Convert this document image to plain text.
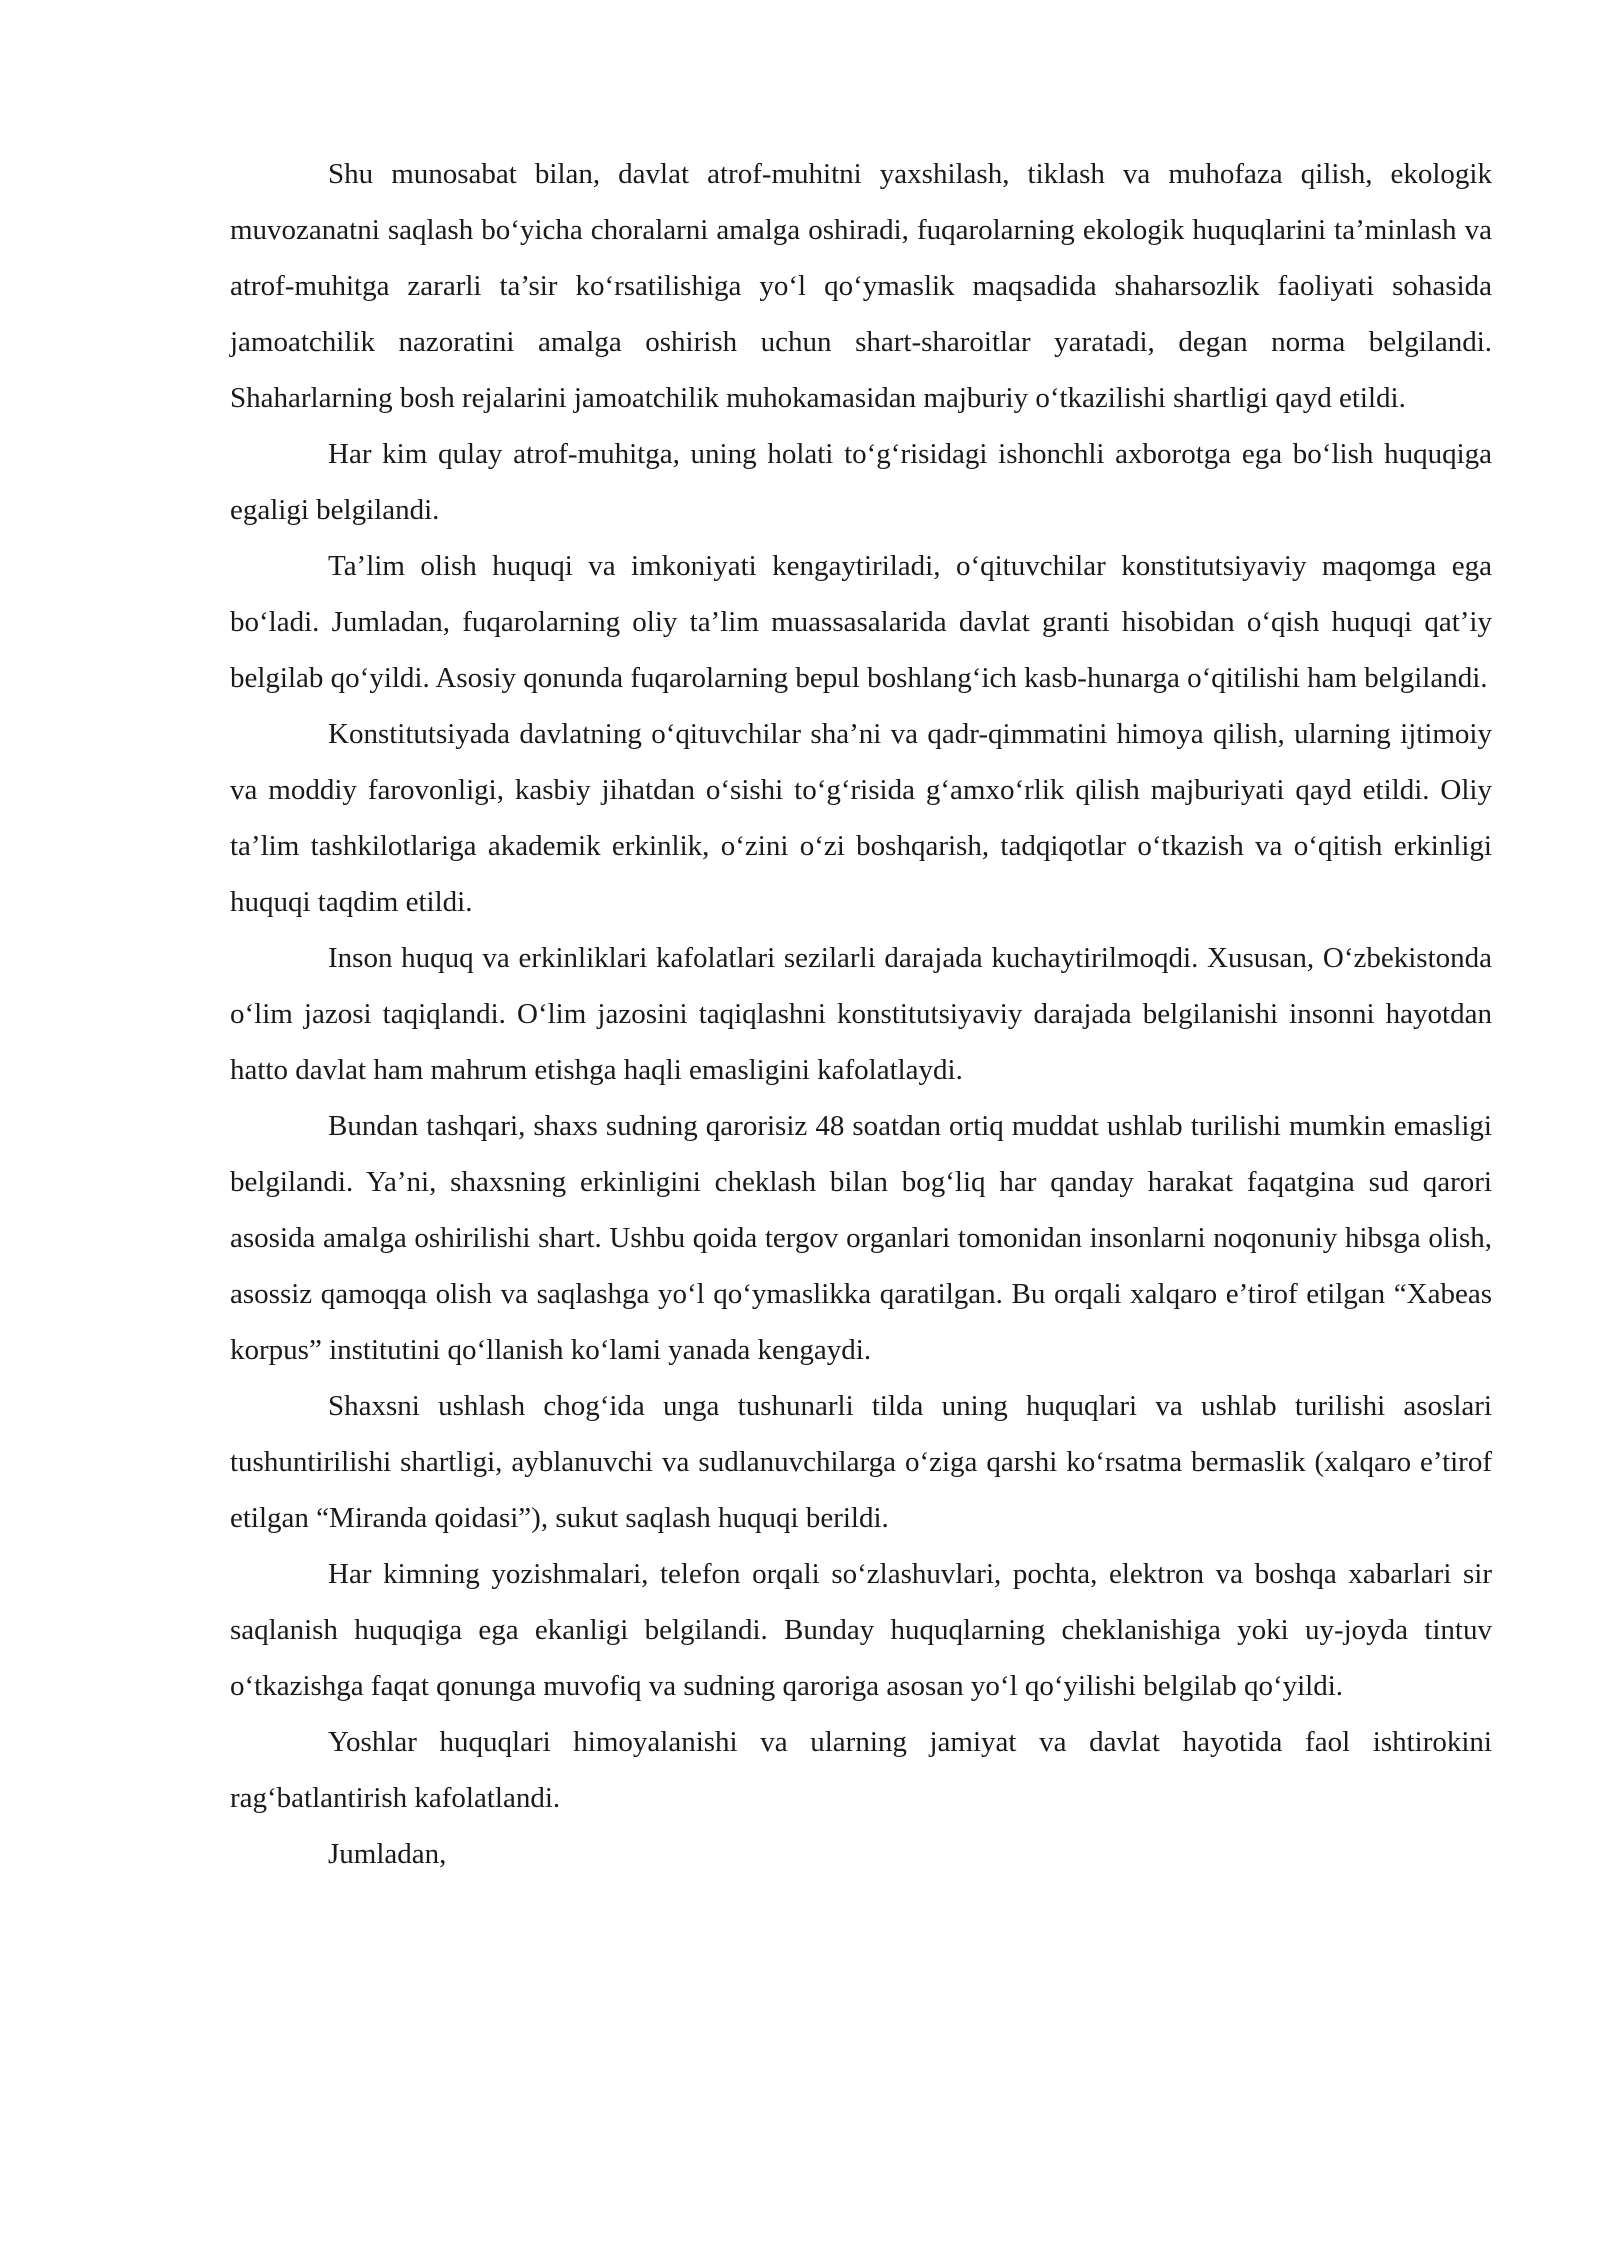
Shu munosabat bilan, davlat atrof-muhitni yaxshilash, tiklash va muhofaza qilish, ekologik muvozanatni saqlash bo‘yicha choralarni amalga oshiradi, fuqarolarning ekologik huquqlarini ta’minlash va atrof-muhitga zararli ta’sir ko‘rsatilishiga yo‘l qo‘ymaslik maqsadida shaharsozlik faoliyati sohasida jamoatchilik nazoratini amalga oshirish uchun shart-sharoitlar yaratadi, degan norma belgilandi. Shaharlarning bosh rejalarini jamoatchilik muhokamasidan majburiy o‘tkazilishi shartligi qayd etildi.

Har kim qulay atrof-muhitga, uning holati to‘g‘risidagi ishonchli axborotga ega bo‘lish huquqiga egaligi belgilandi.

Ta’lim olish huquqi va imkoniyati kengaytiriladi, o‘qituvchilar konstitutsiyaviy maqomga ega bo‘ladi. Jumladan, fuqarolarning oliy ta’lim muassasalarida davlat granti hisobidan o‘qish huquqi qat’iy belgilab qo‘yildi. Asosiy qonunda fuqarolarning bepul boshlang‘ich kasb-hunarga o‘qitilishi ham belgilandi.

Konstitutsiyada davlatning o‘qituvchilar sha’ni va qadr-qimmatini himoya qilish, ularning ijtimoiy va moddiy farovonligi, kasbiy jihatdan o‘sishi to‘g‘risida g‘amxo‘rlik qilish majburiyati qayd etildi. Oliy ta’lim tashkilotlariga akademik erkinlik, o‘zini o‘zi boshqarish, tadqiqotlar o‘tkazish va o‘qitish erkinligi huquqi taqdim etildi.

Inson huquq va erkinliklari kafolatlari sezilarli darajada kuchaytirilmoqdi. Xususan, O‘zbekistonda o‘lim jazosi taqiqlandi. O‘lim jazosini taqiqlashni konstitutsiyaviy darajada belgilanishi insonni hayotdan hatto davlat ham mahrum etishga haqli emasligini kafolatlaydi.

Bundan tashqari, shaxs sudning qarorisiz 48 soatdan ortiq muddat ushlab turilishi mumkin emasligi belgilandi. Ya’ni, shaxsning erkinligini cheklash bilan bog‘liq har qanday harakat faqatgina sud qarori asosida amalga oshirilishi shart. Ushbu qoida tergov organlari tomonidan insonlarni noqonuniy hibsga olish, asossiz qamoqqa olish va saqlashga yo‘l qo‘ymaslikka qaratilgan. Bu orqali xalqaro e’tirof etilgan “Xabeas korpus” institutini qo‘llanish ko‘lami yanada kengaydi.

Shaxsni ushlash chog‘ida unga tushunarli tilda uning huquqlari va ushlab turilishi asoslari tushuntirilishi shartligi, ayblanuvchi va sudlanuvchilarga o‘ziga qarshi ko‘rsatma bermaslik (xalqaro e’tirof etilgan “Miranda qoidasi”), sukut saqlash huquqi berildi.

Har kimning yozishmalari, telefon orqali so‘zlashuvlari, pochta, elektron va boshqa xabarlari sir saqlanish huquqiga ega ekanligi belgilandi. Bunday huquqlarning cheklanishiga yoki uy-joyda tintuv o‘tkazishga faqat qonunga muvofiq va sudning qaroriga asosan yo‘l qo‘yilishi belgilab qo‘yildi.

Yoshlar huquqlari himoyalanishi va ularning jamiyat va davlat hayotida faol ishtirokini rag‘batlantirish kafolatlandi.

Jumladan,
